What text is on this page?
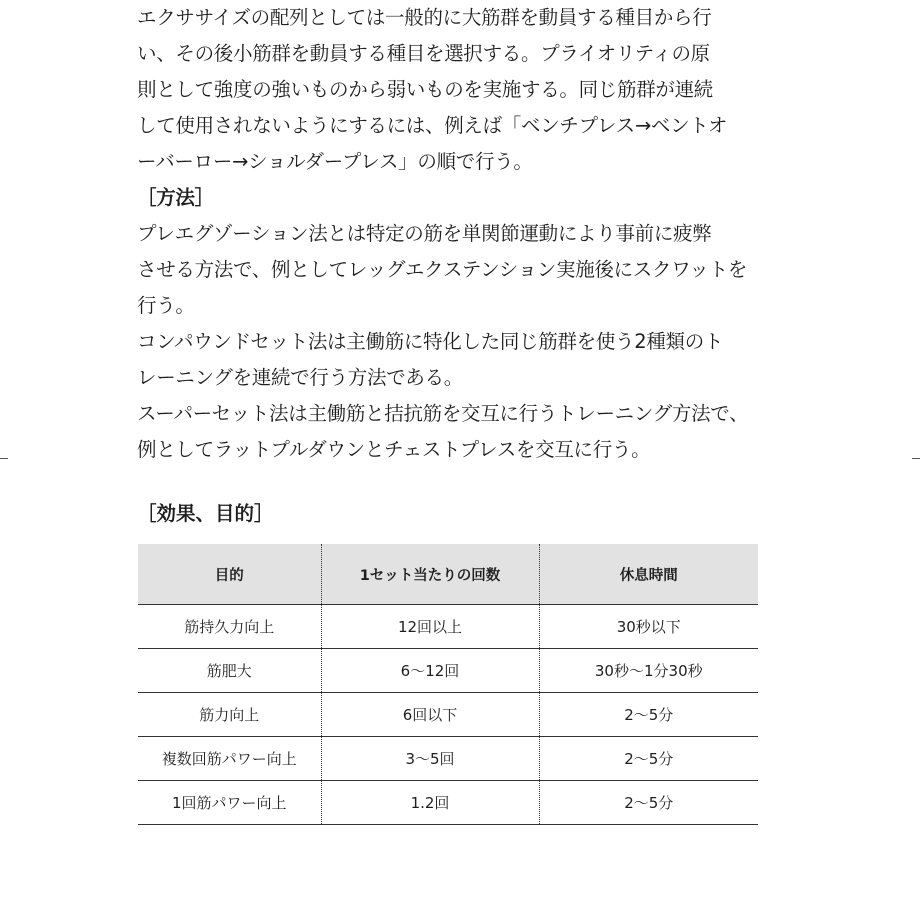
エクササイズの配列としては一般的に大筋群を動員する種目から行
い、その後小筋群を動員する種目を選択する。プライオリティの原
則として強度の強いものから弱いものを実施する。同じ筋群が連続
して使用されないようにするには、例えば「ベンチプレス→ベントオ
ーバーロー→ショルダープレス」の順で行う。
［方法］
プレエグゾーション法とは特定の筋を単関節運動により事前に疲弊
させる方法で、例としてレッグエクステンション実施後にスクワットを
行う。
コンパウンドセット法は主働筋に特化した同じ筋群を使う2種類のト
レーニングを連続で行う方法である。
スーパーセット法は主働筋と拮抗筋を交互に行うトレーニング方法で、
例としてラットプルダウンとチェストプレスを交互に行う。
［効果、目的］
目的	1セット当たりの回数	休息時間
筋持久力向上	12回以上	30秒以下
筋肥大	6～12回	30秒～1分30秒
筋力向上	6回以下	2～5分
複数回筋パワー向上	3～5回	2～5分
1回筋パワー向上	1.2回	2～5分
